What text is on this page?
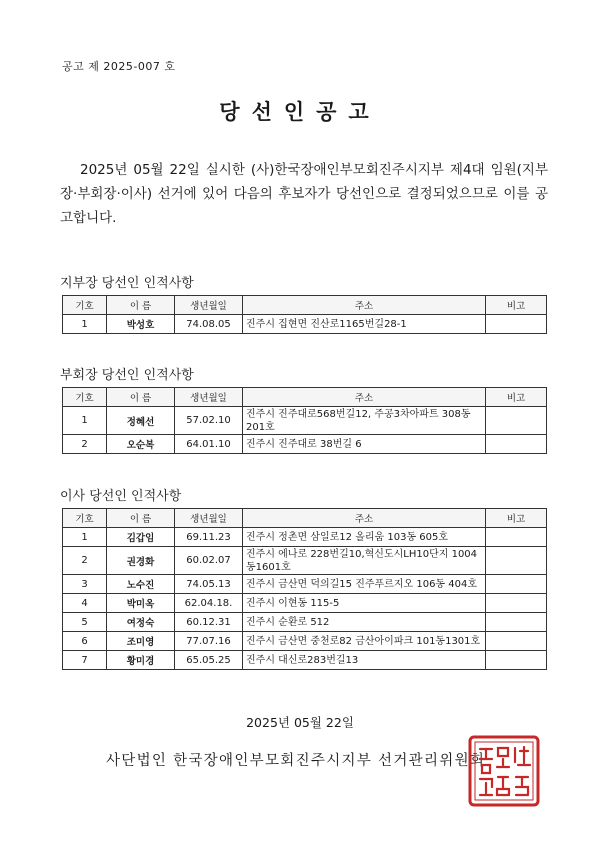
공고 제 2025-007 호
당선인공고
2025년 05월 22일 실시한 (사)한국장애인부모회진주시지부 제4대 임원(지부장·부회장·이사) 선거에 있어 다음의 후보자가 당선인으로 결정되었으므로 이를 공고합니다.
지부장 당선인 인적사항
기호	이 름	생년월일	주소	비고
1	박성호	74.08.05	진주시 집현면 진산로1165번길28-1	
부회장 당선인 인적사항
기호	이 름	생년월일	주소	비고
1	정혜선	57.02.10	진주시 진주대로568번길12, 주공3차아파트 308동 201호	
2	오순복	64.01.10	진주시 진주대로 38번길 6	
이사 당선인 인적사항
기호	이 름	생년월일	주소	비고
1	김갑임	69.11.23	진주시 정촌면 삼일로12 올리움 103동 605호	
2	권경화	60.02.07	진주시 에나로 228번길10,혁신도시LH10단지 1004동1601호	
3	노수진	74.05.13	진주시 금산면 덕의길15 진주푸르지오 106동 404호	
4	박미옥	62.04.18.	진주시 이현동 115-5	
5	여정숙	60.12.31	진주시 순환로 512	
6	조미영	77.07.16	진주시 금산면 중천로82 금산아이파크 101동1301호	
7	황미경	65.05.25	진주시 대신로283번길13	
2025년 05월 22일
사단법인 한국장애인부모회진주시지부 선거관리위원회
